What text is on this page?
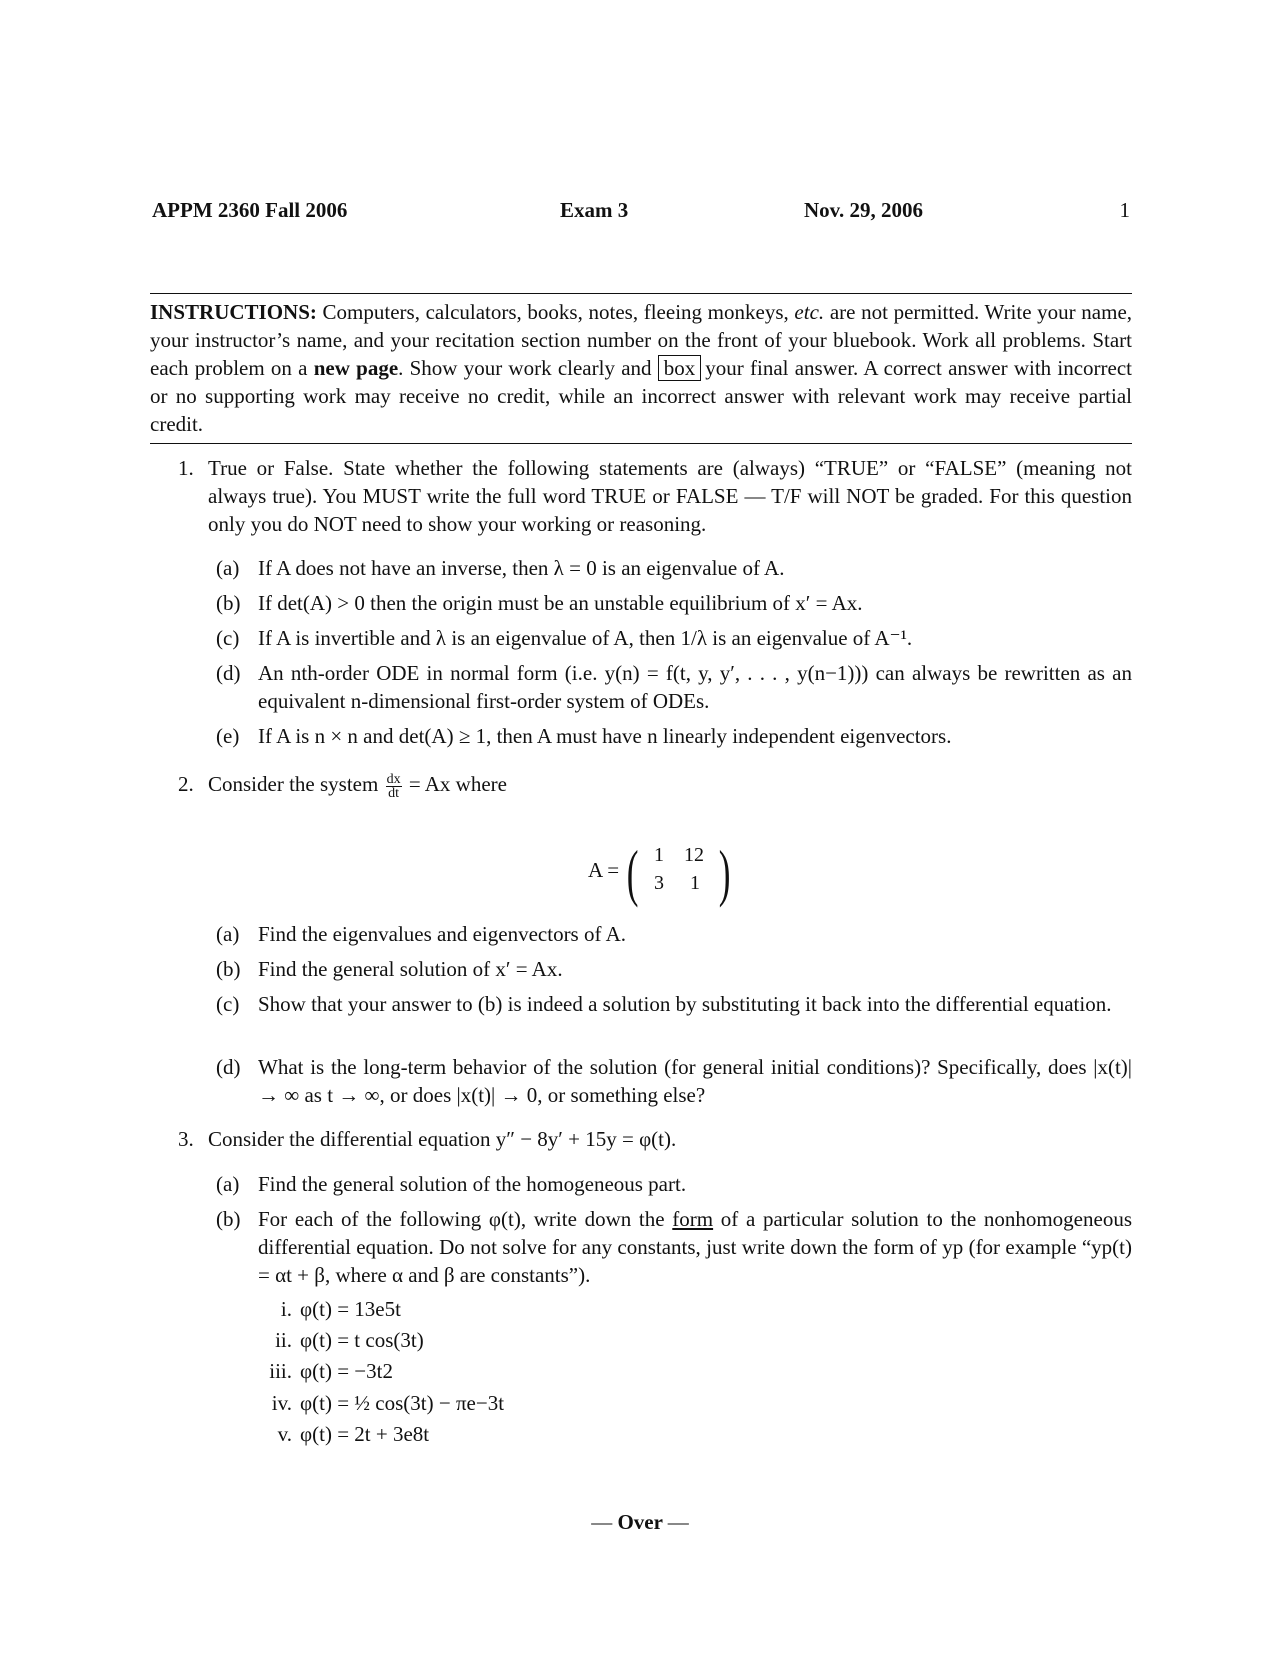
APPM 2360 Fall 2006	Exam 3	Nov. 29, 2006	1
INSTRUCTIONS: Computers, calculators, books, notes, fleeing monkeys, etc. are not permitted. Write your name, your instructor’s name, and your recitation section number on the front of your bluebook. Work all problems. Start each problem on a new page. Show your work clearly and box your final answer. A correct answer with incorrect or no supporting work may receive no credit, while an incorrect answer with relevant work may receive partial credit.
1. True or False. State whether the following statements are (always) “TRUE” or “FALSE” (meaning not always true). You MUST write the full word TRUE or FALSE — T/F will NOT be graded. For this question only you do NOT need to show your working or reasoning.
(a) If A does not have an inverse, then λ = 0 is an eigenvalue of A.
(b) If det(A) > 0 then the origin must be an unstable equilibrium of x′ = Ax.
(c) If A is invertible and λ is an eigenvalue of A, then 1/λ is an eigenvalue of A⁻¹.
(d) An nth-order ODE in normal form (i.e. y(n) = f(t, y, y′, . . . , y(n−1))) can always be rewritten as an equivalent n-dimensional first-order system of ODEs.
(e) If A is n × n and det(A) ≥ 1, then A must have n linearly independent eigenvectors.
2. Consider the system $\frac{dx}{dt} = Ax$ where
A = ( 1 12
3 1 )
(a) Find the eigenvalues and eigenvectors of A.
(b) Find the general solution of x′ = Ax.
(c) Show that your answer to (b) is indeed a solution by substituting it back into the differential equation.
(d) What is the long-term behavior of the solution (for general initial conditions)? Specifically, does |x(t)| → ∞ as t → ∞, or does |x(t)| → 0, or something else?
3. Consider the differential equation y″ − 8y′ + 15y = φ(t).
(a) Find the general solution of the homogeneous part.
(b) For each of the following φ(t), write down the form of a particular solution to the nonhomogeneous differential equation. Do not solve for any constants, just write down the form of yp (for example “yp(t) = αt + β, where α and β are constants”).
i. φ(t) = 13e5t
ii. φ(t) = t cos(3t)
iii. φ(t) = −3t2
iv. φ(t) = ½ cos(3t) − πe−3t
v. φ(t) = 2t + 3e8t
— Over —
